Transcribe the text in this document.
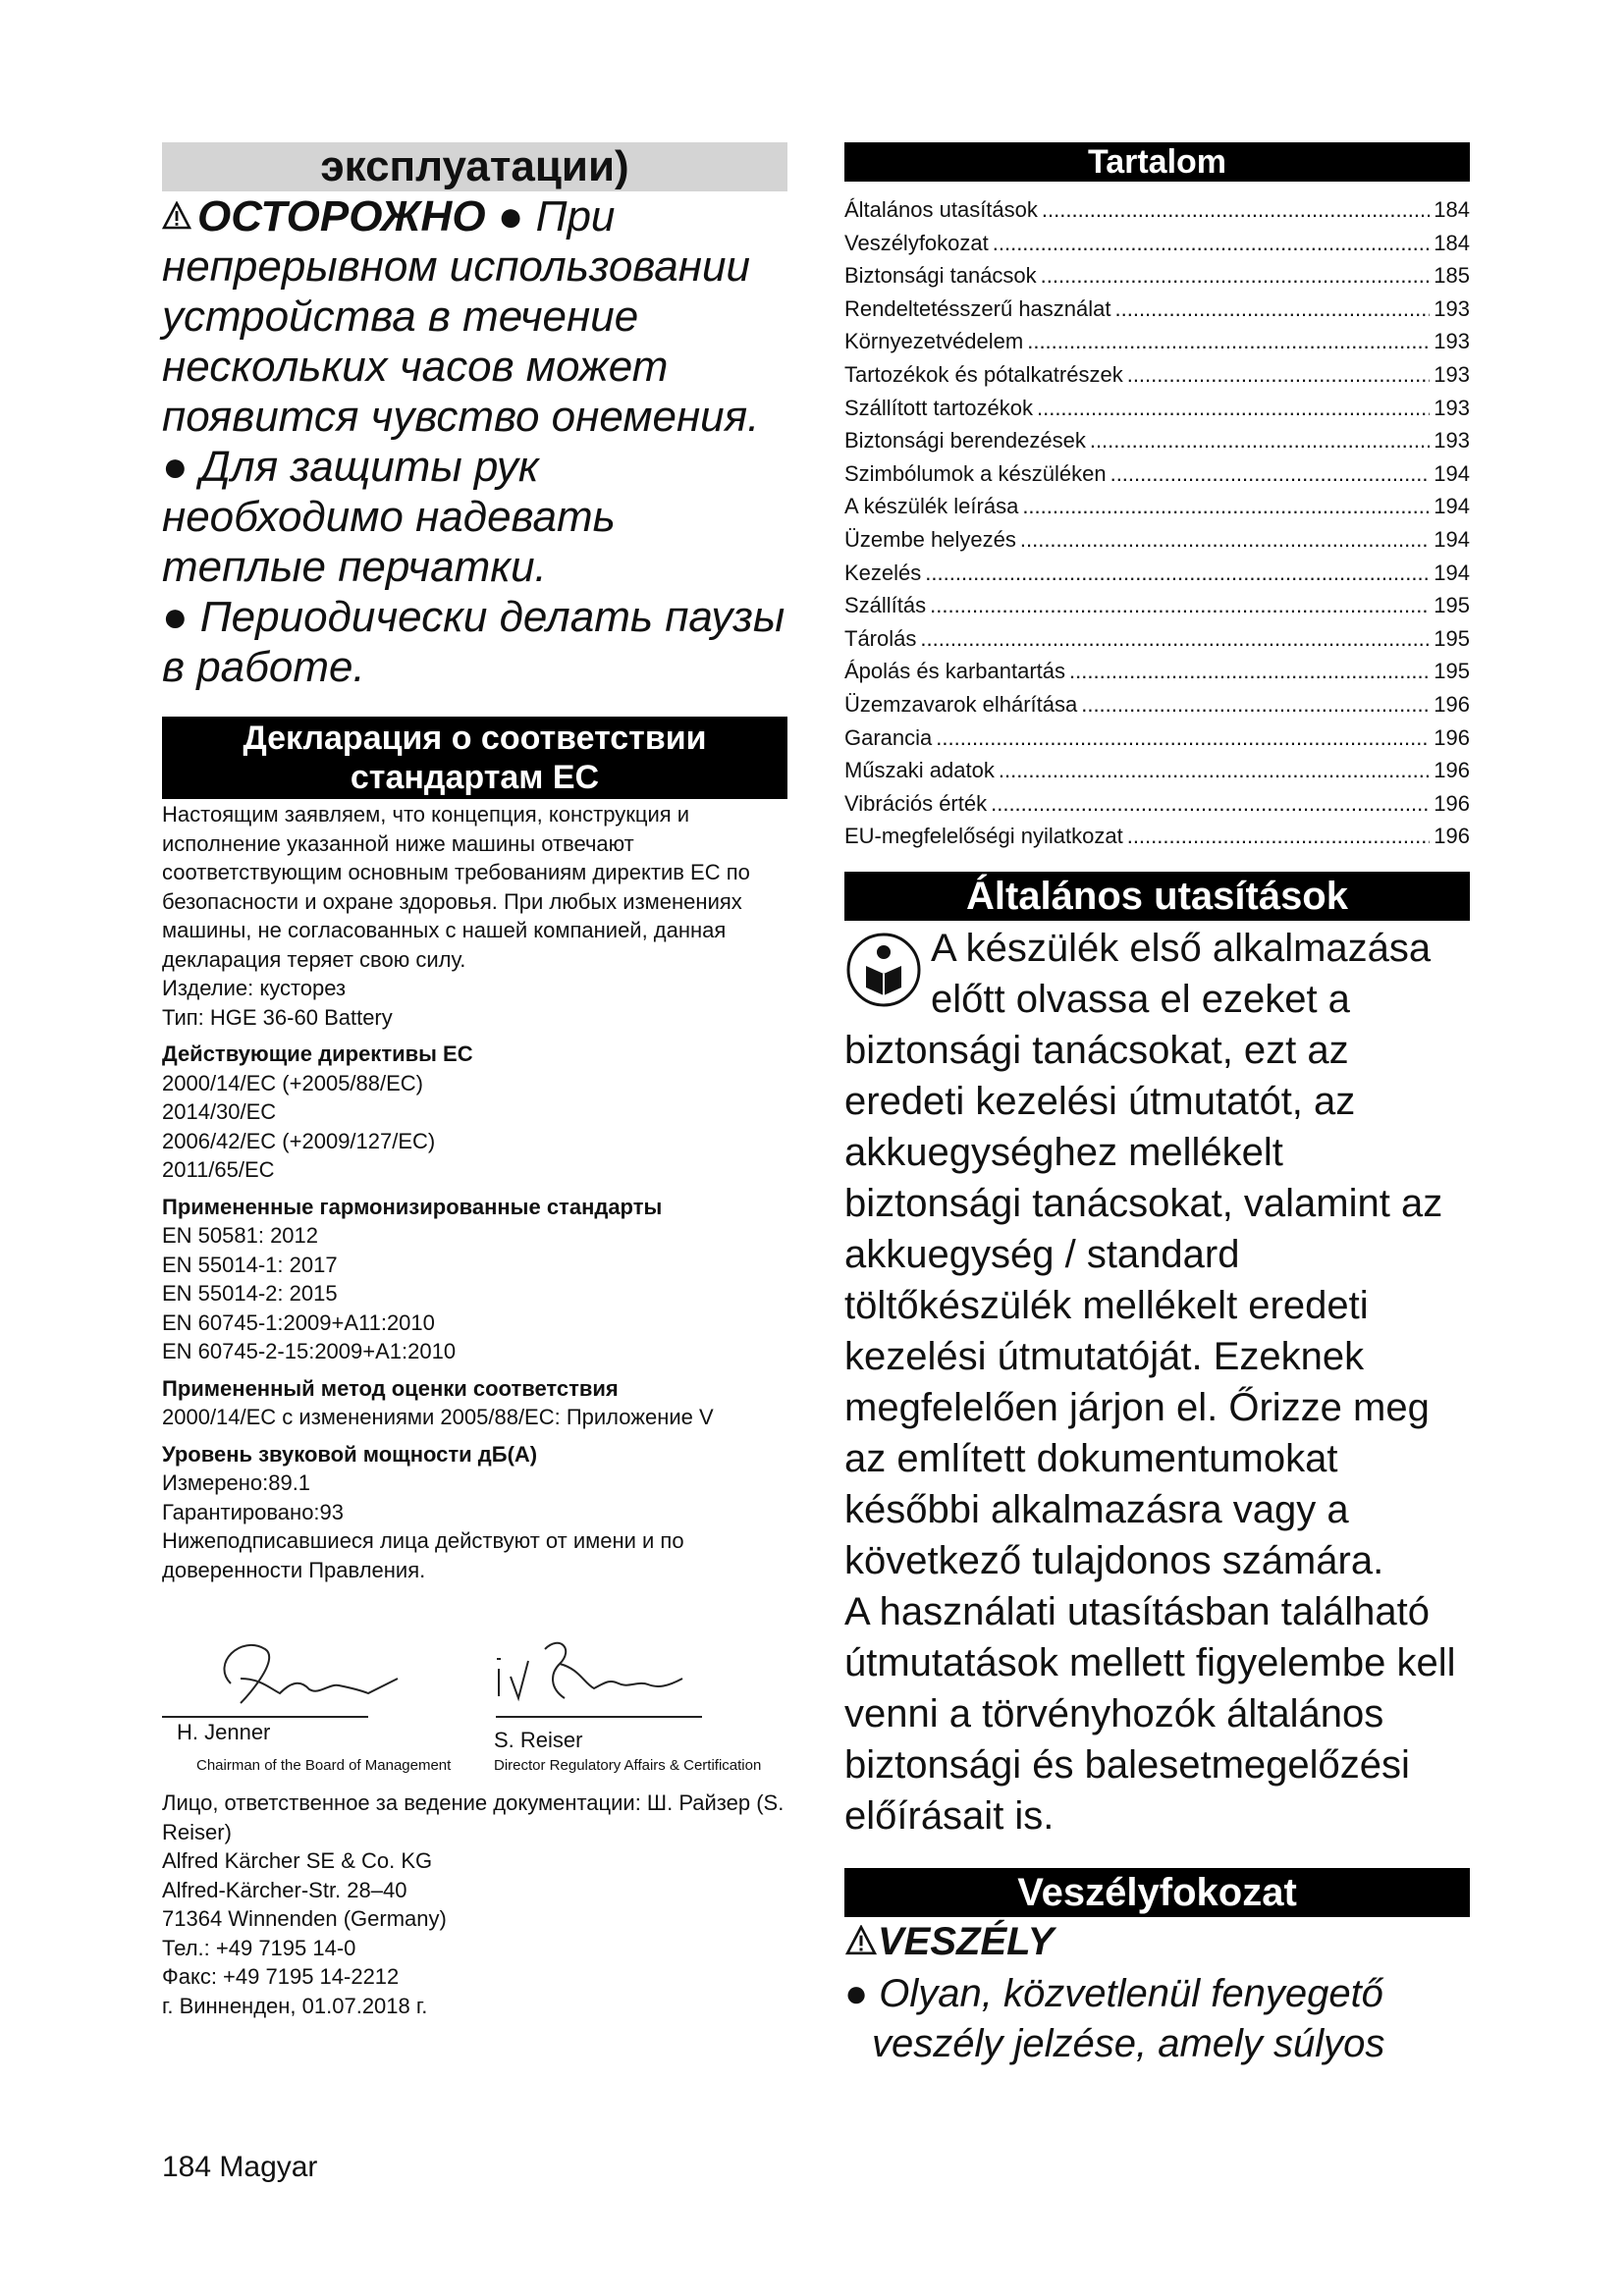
эксплуатации)

ОСТОРОЖНО ● При непрерывном использовании устройства в течение нескольких часов может появится чувство онемения.

● Для защиты рук необходимо надевать теплые перчатки.

● Периодически делать паузы в работе.

Декларация о соответствии стандартам ЕС

Настоящим заявляем, что концепция, конструкция и исполнение указанной ниже машины отвечают соответствующим основным требованиям директив ЕС по безопасности и охране здоровья. При любых изменениях машины, не согласованных с нашей компанией, данная декларация теряет свою силу.

Изделие: кусторез

Тип: HGE 36-60 Battery

Действующие директивы ЕС

2000/14/EC (+2005/88/EC)

2014/30/EC

2006/42/EC (+2009/127/EC)

2011/65/EC

Примененные гармонизированные стандарты

EN 50581: 2012

EN 55014-1: 2017

EN 55014-2: 2015

EN 60745-1:2009+A11:2010

EN 60745-2-15:2009+A1:2010

Примененный метод оценки соответствия

2000/14/EC с изменениями 2005/88/EC: Приложение V

Уровень звуковой мощности дБ(А)

Измерено:89.1

Гарантировано:93

Нижеподписавшиеся лица действуют от имени и по доверенности Правления.

H. Jenner	S. Reiser
Chairman of the Board of Management	Director Regulatory Affairs & Certification

Лицо, ответственное за ведение документации: Ш. Райзер (S. Reiser)

Alfred Kärcher SE & Co. KG

Alfred-Kärcher-Str. 28–40

71364 Winnenden (Germany)

Тел.: +49 7195 14-0

Факс: +49 7195 14-2212

г. Винненден, 01.07.2018 г.

184 Magyar
Tartalom
Általános utasítások .....	184
Veszélyfokozat .....	184
Biztonsági tanácsok .....	185
Rendeltetésszerű használat .....	193
Környezetvédelem .....	193
Tartozékok és pótalkatrészek .....	193
Szállított tartozékok .....	193
Biztonsági berendezések .....	193
Szimbólumok a készüléken .....	194
A készülék leírása .....	194
Üzembe helyezés .....	194
Kezelés .....	194
Szállítás .....	195
Tárolás .....	195
Ápolás és karbantartás .....	195
Üzemzavarok elhárítása .....	196
Garancia .....	196
Műszaki adatok .....	196
Vibrációs érték .....	196
EU-megfelelőségi nyilatkozat .....	196
Általános utasítások

A készülék első alkalmazása előtt olvassa el ezeket a biztonsági tanácsokat, ezt az eredeti kezelési útmutatót, az akkuegységhez mellékelt biztonsági tanácsokat, valamint az akkuegység / standard töltőkészülék mellékelt eredeti kezelési útmutatóját. Ezeknek megfelelően járjon el. Őrizze meg az említett dokumentumokat későbbi alkalmazásra vagy a következő tulajdonos számára.

A használati utasításban található útmutatások mellett figyelembe kell venni a törvényhozók általános biztonsági és balesetmegelőzési előírásait is.

Veszélyfokozat
VESZÉLY

● Olyan, közvetlenül fenyegető veszély jelzése, amely súlyos
